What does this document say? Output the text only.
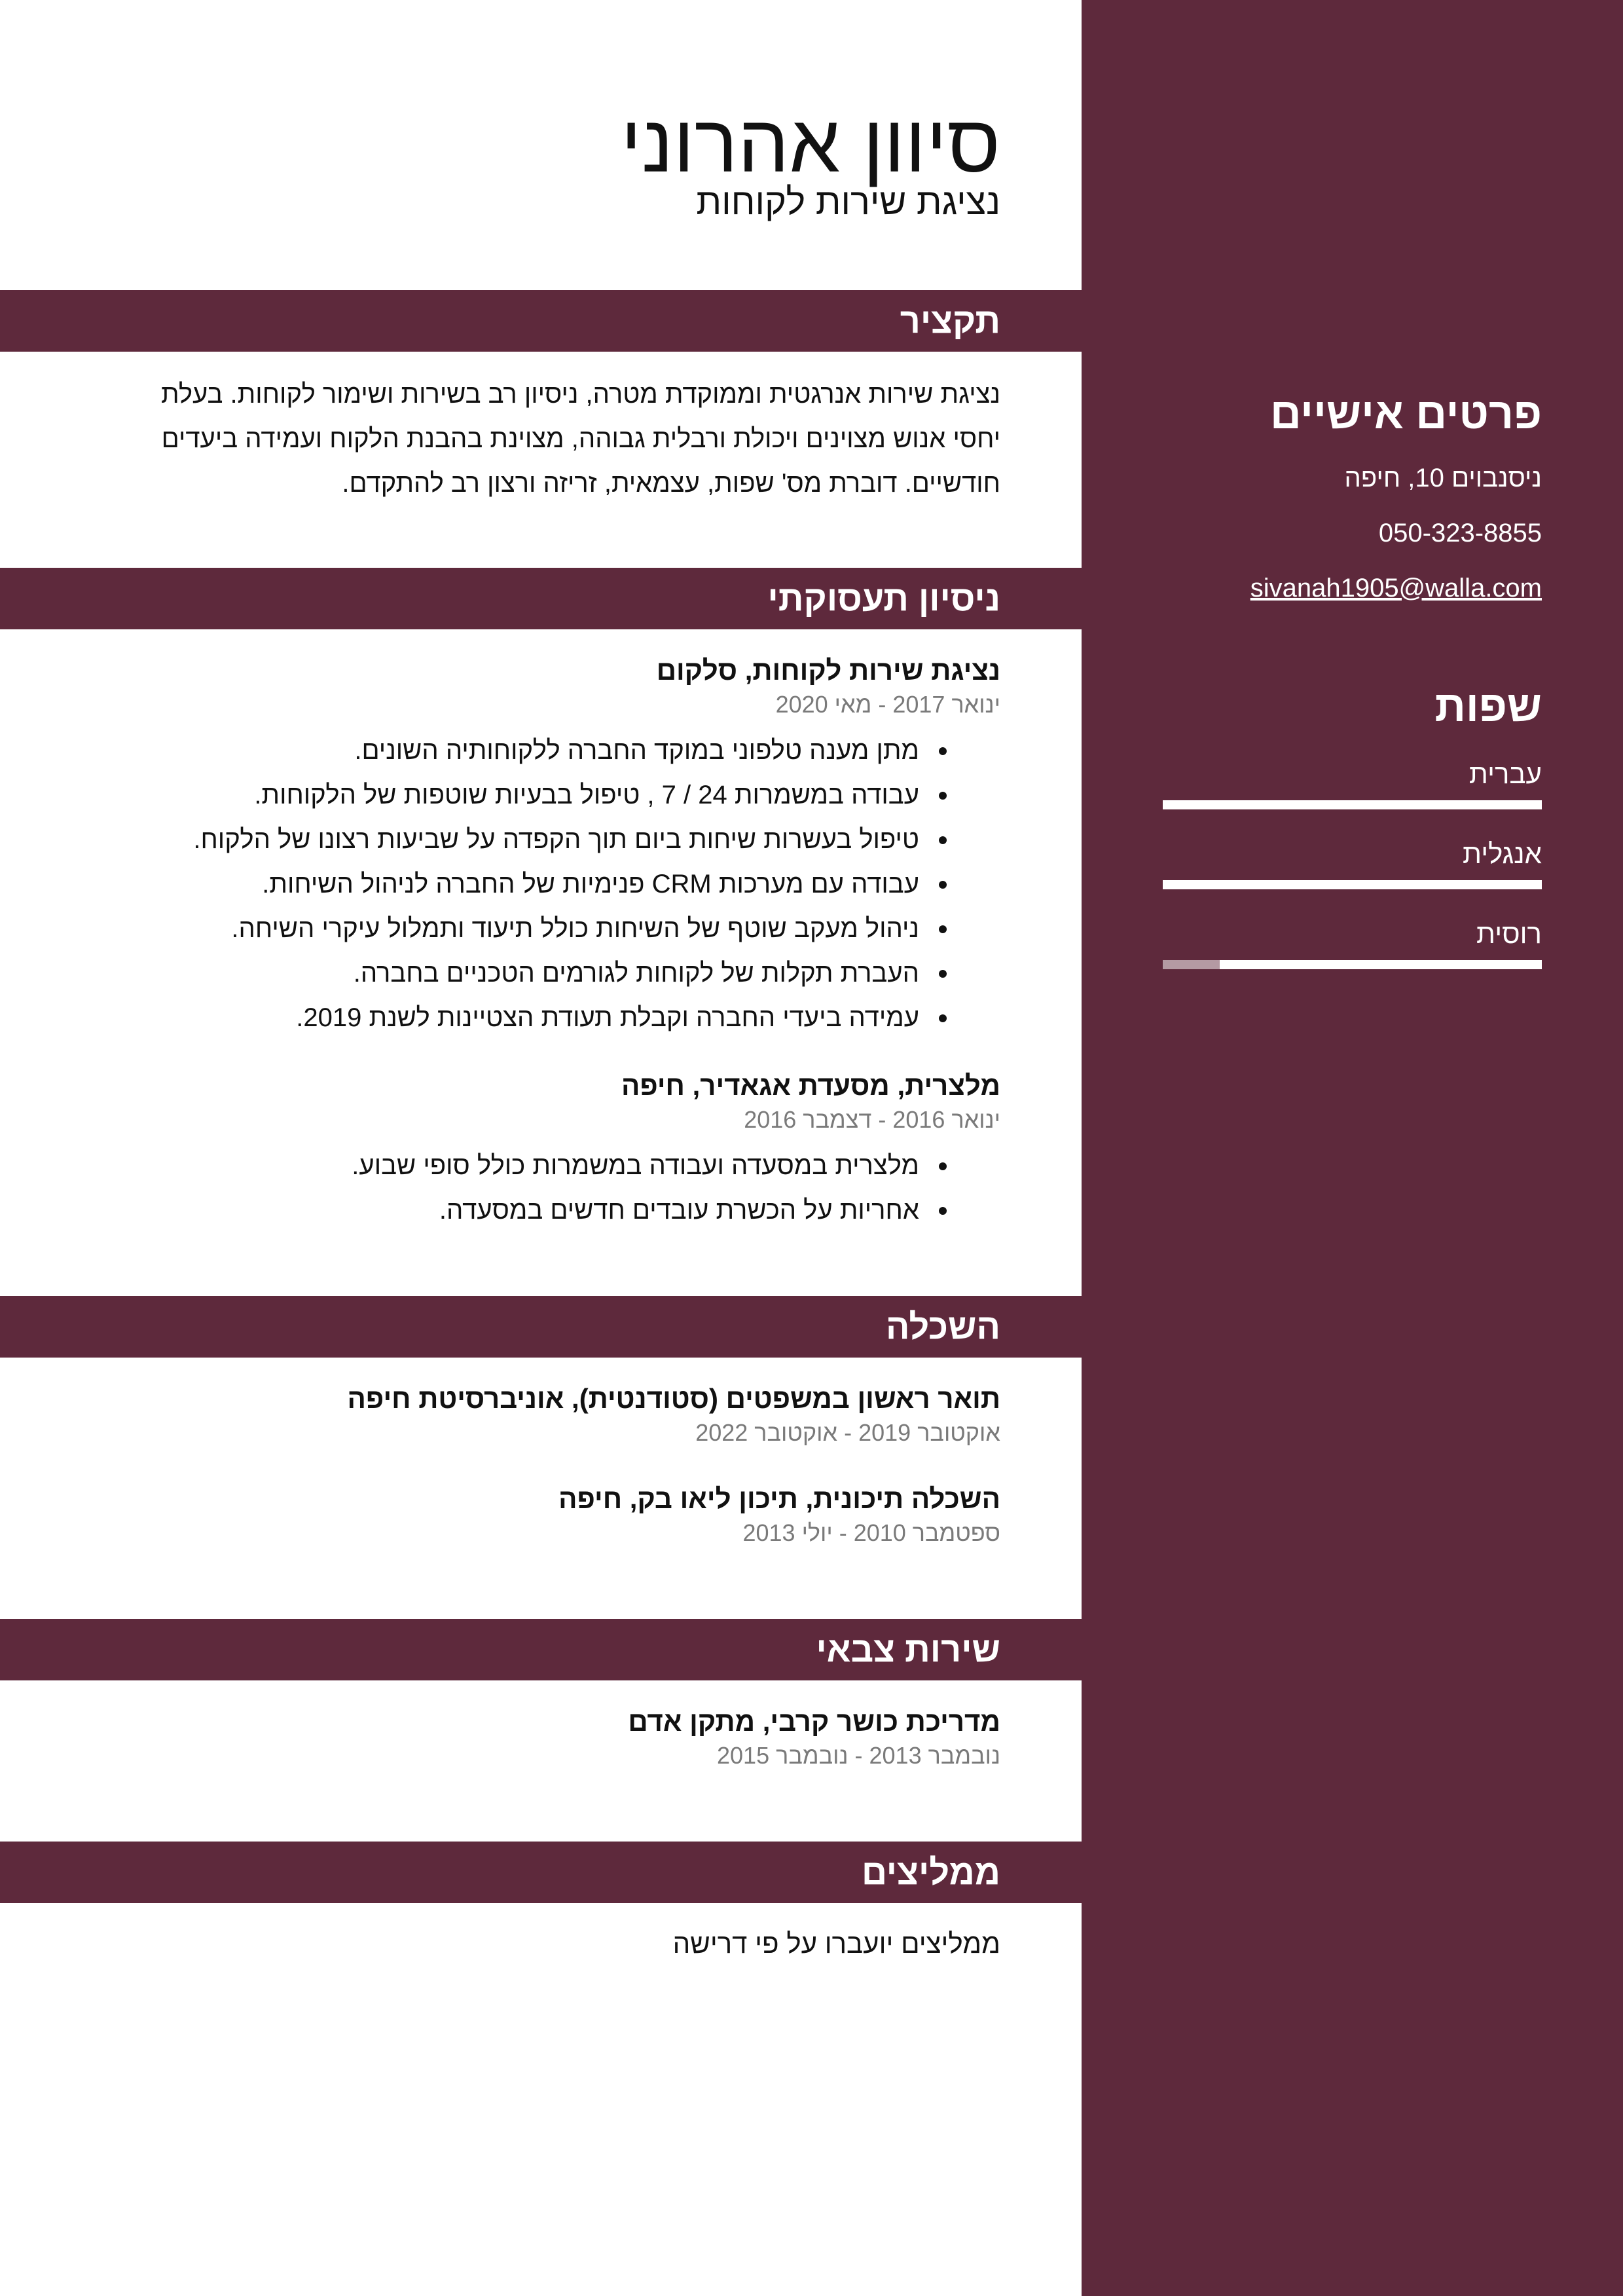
סיוון אהרוני
נציגת שירות לקוחות
תקציר

נציגת שירות אנרגטית וממוקדת מטרה, ניסיון רב בשירות ושימור לקוחות. בעלת יחסי אנוש מצוינים ויכולת ורבלית גבוהה, מצוינת בהבנת הלקוח ועמידה ביעדים חודשיים. דוברת מס' שפות, עצמאית, זריזה ורצון רב להתקדם.

ניסיון תעסוקתי
נציגת שירות לקוחות, סלקום
ינואר 2017 - מאי 2020
מתן מענה טלפוני במוקד החברה ללקוחותיה השונים.
עבודה במשמרות 24 / 7 , טיפול בבעיות שוטפות של הלקוחות.
טיפול בעשרות שיחות ביום תוך הקפדה על שביעות רצונו של הלקוח.
עבודה עם מערכות CRM פנימיות של החברה לניהול השיחות.
ניהול מעקב שוטף של השיחות כולל תיעוד ותמלול עיקרי השיחה.
העברת תקלות של לקוחות לגורמים הטכניים בחברה.
עמידה ביעדי החברה וקבלת תעודת הצטיינות לשנת 2019.
מלצרית, מסעדת אגאדיר, חיפה
ינואר 2016 - דצמבר 2016
מלצרית במסעדה ועבודה במשמרות כולל סופי שבוע.
אחריות על הכשרת עובדים חדשים במסעדה.
השכלה
תואר ראשון במשפטים (סטודנטית), אוניברסיטת חיפה
אוקטובר 2019 - אוקטובר 2022
השכלה תיכונית, תיכון ליאו בק, חיפה
ספטמבר 2010 - יולי 2013
שירות צבאי
מדריכת כושר קרבי, מתקן אדם
נובמבר 2013 - נובמבר 2015
ממליצים
ממליצים יועברו על פי דרישה
פרטים אישיים
ניסנבוים 10, חיפה
050-323-8855
sivanah1905@walla.com
שפות
עברית
אנגלית
רוסית
